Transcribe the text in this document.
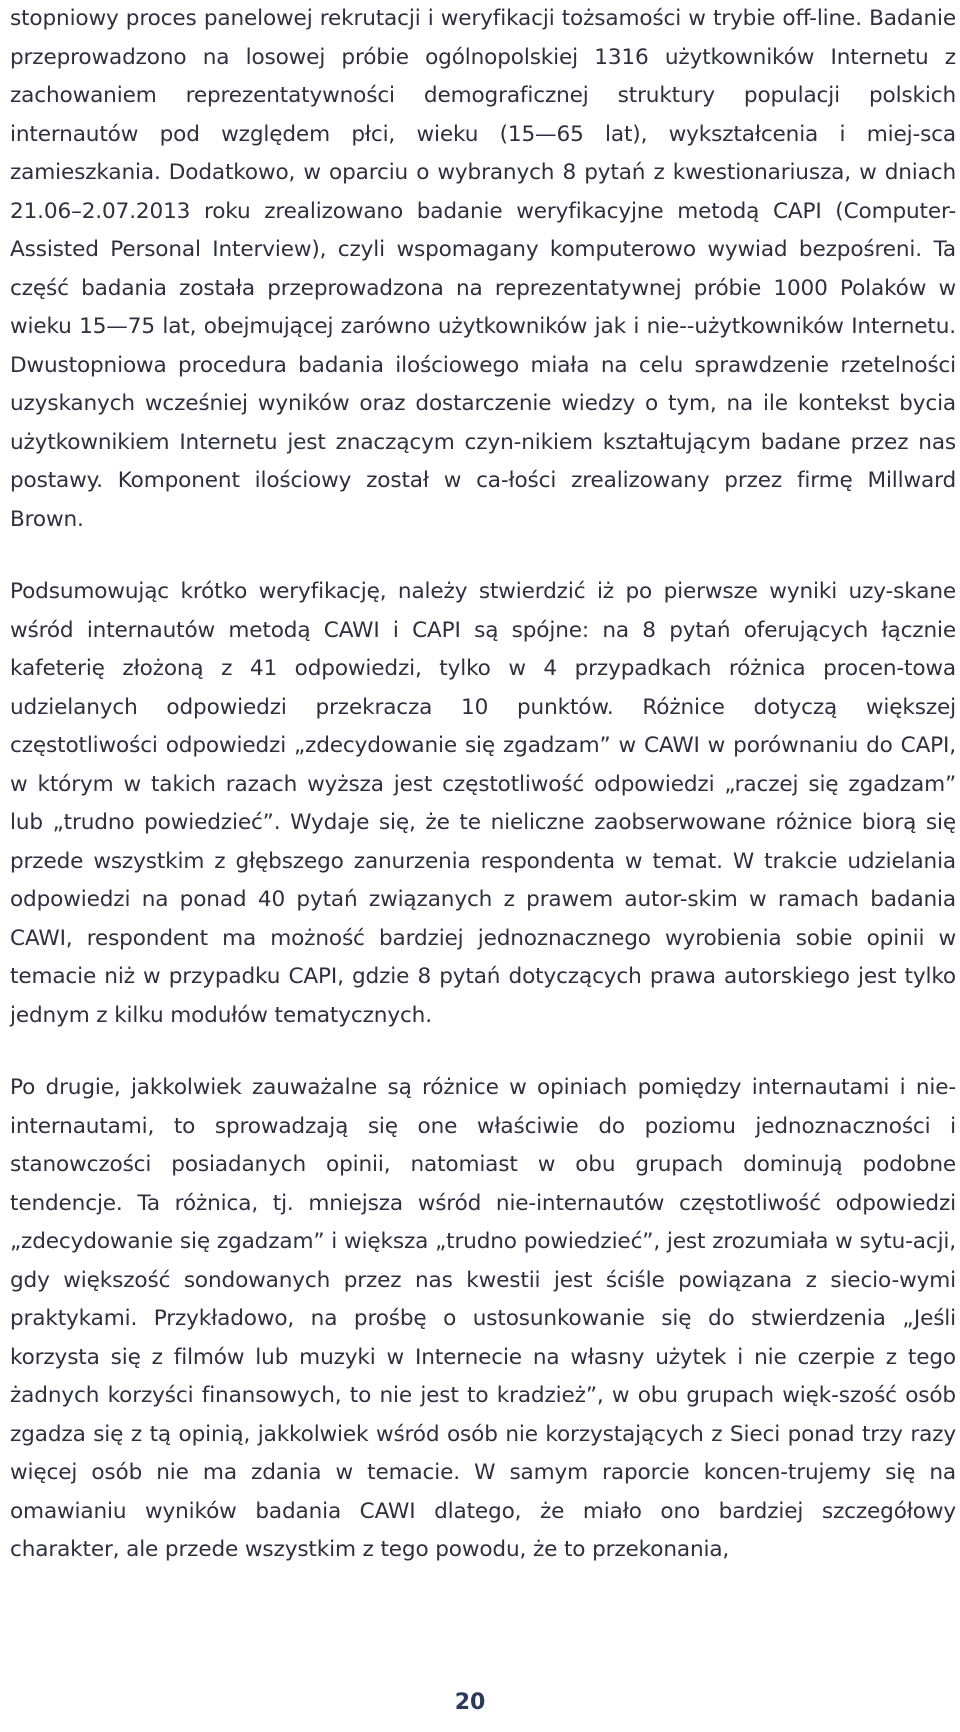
stopniowy proces panelowej rekrutacji i weryfikacji tożsamości w trybie off-line. Badanie przeprowadzono na losowej próbie ogólnopolskiej 1316 użytkowników Internetu z zachowaniem reprezentatywności demograficznej struktury populacji polskich internautów pod względem płci, wieku (15—65 lat), wykształcenia i miej-sca zamieszkania. Dodatkowo, w oparciu o wybranych 8 pytań z kwestionariusza, w dniach 21.06–2.07.2013 roku zrealizowano badanie weryfikacyjne metodą CAPI (Computer-Assisted Personal Interview), czyli wspomagany komputerowo wywiad bezpośreni. Ta część badania została przeprowadzona na reprezentatywnej próbie 1000 Polaków w wieku 15—75 lat, obejmującej zarówno użytkowników jak i nie--użytkowników Internetu. Dwustopniowa procedura badania ilościowego miała na celu sprawdzenie rzetelności uzyskanych wcześniej wyników oraz dostarczenie wiedzy o tym, na ile kontekst bycia użytkownikiem Internetu jest znaczącym czyn-nikiem kształtującym badane przez nas postawy. Komponent ilościowy został w ca-łości zrealizowany przez firmę Millward Brown.

Podsumowując krótko weryfikację, należy stwierdzić iż po pierwsze wyniki uzy-skane wśród internautów metodą CAWI i CAPI są spójne: na 8 pytań oferujących łącznie kafeterię złożoną z 41 odpowiedzi, tylko w 4 przypadkach różnica procen-towa udzielanych odpowiedzi przekracza 10 punktów. Różnice dotyczą większej częstotliwości odpowiedzi „zdecydowanie się zgadzam” w CAWI w porównaniu do CAPI, w którym w takich razach wyższa jest częstotliwość odpowiedzi „raczej się zgadzam” lub „trudno powiedzieć”. Wydaje się, że te nieliczne zaobserwowane różnice biorą się przede wszystkim z głębszego zanurzenia respondenta w temat. W trakcie udzielania odpowiedzi na ponad 40 pytań związanych z prawem autor-skim w ramach badania CAWI, respondent ma możność bardziej jednoznacznego wyrobienia sobie opinii w temacie niż w przypadku CAPI, gdzie 8 pytań dotyczących prawa autorskiego jest tylko jednym z kilku modułów tematycznych.

Po drugie, jakkolwiek zauważalne są różnice w opiniach pomiędzy internautami i nie-internautami, to sprowadzają się one właściwie do poziomu jednoznaczności i stanowczości posiadanych opinii, natomiast w obu grupach dominują podobne tendencje. Ta różnica, tj. mniejsza wśród nie-internautów częstotliwość odpowiedzi „zdecydowanie się zgadzam” i większa „trudno powiedzieć”, jest zrozumiała w sytu-acji, gdy większość sondowanych przez nas kwestii jest ściśle powiązana z siecio-wymi praktykami. Przykładowo, na prośbę o ustosunkowanie się do stwierdzenia „Jeśli korzysta się z filmów lub muzyki w Internecie na własny użytek i nie czerpie z tego żadnych korzyści finansowych, to nie jest to kradzież”, w obu grupach więk-szość osób zgadza się z tą opinią, jakkolwiek wśród osób nie korzystających z Sieci ponad trzy razy więcej osób nie ma zdania w temacie. W samym raporcie koncen-trujemy się na omawianiu wyników badania CAWI dlatego, że miało ono bardziej szczegółowy charakter, ale przede wszystkim z tego powodu, że to przekonania,

20
